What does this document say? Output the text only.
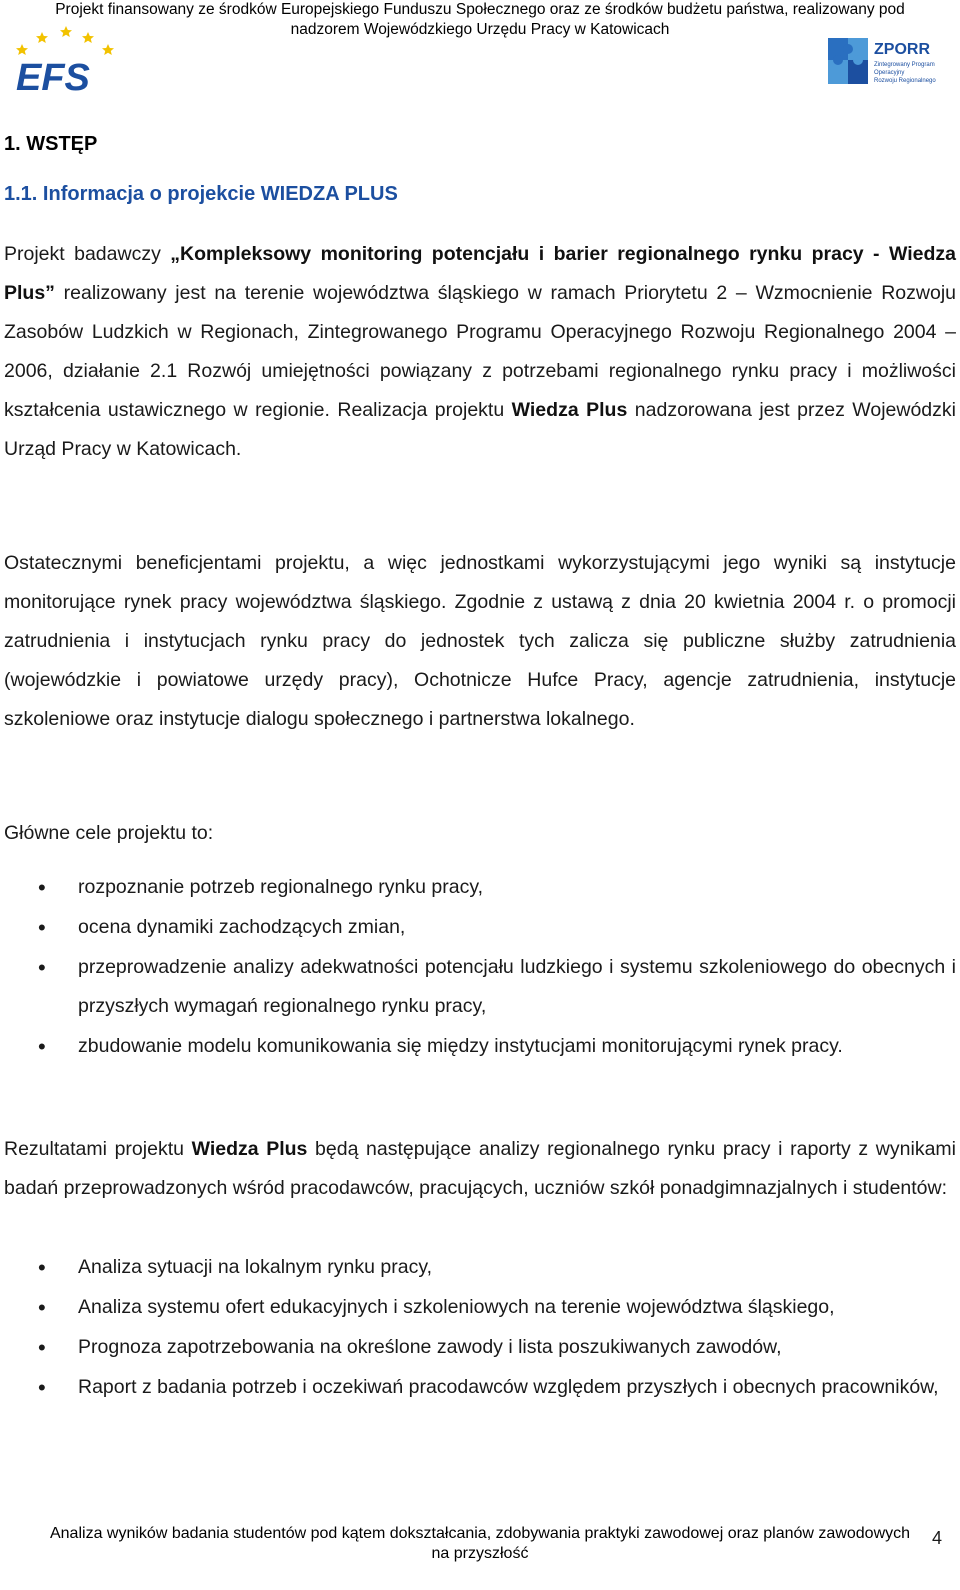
Projekt finansowany ze środków Europejskiego Funduszu Społecznego oraz ze środków budżetu państwa, realizowany pod
nadzorem Wojewódzkiego Urzędu Pracy w Katowicach
EFS
ZPORR
Zintegrowany Program
Operacyjny
Rozwoju Regionalnego
1. WSTĘP
1.1. Informacja o projekcie WIEDZA PLUS
Projekt badawczy „Kompleksowy monitoring potencjału i barier regionalnego rynku pracy - Wiedza Plus” realizowany jest na terenie województwa śląskiego w ramach Priorytetu 2 – Wzmocnienie Rozwoju Zasobów Ludzkich w Regionach, Zintegrowanego Programu Operacyjnego Rozwoju Regionalnego 2004 – 2006, działanie 2.1 Rozwój umiejętności powiązany z potrzebami regionalnego rynku pracy i możliwości kształcenia ustawicznego w regionie. Realizacja projektu Wiedza Plus nadzorowana jest przez Wojewódzki Urząd Pracy w Katowicach.
Ostatecznymi beneficjentami projektu, a więc jednostkami wykorzystującymi jego wyniki są instytucje monitorujące rynek pracy województwa śląskiego. Zgodnie z ustawą z dnia 20 kwietnia 2004 r. o promocji zatrudnienia i instytucjach rynku pracy do jednostek tych zalicza się publiczne służby zatrudnienia (wojewódzkie i powiatowe urzędy pracy), Ochotnicze Hufce Pracy, agencje zatrudnienia, instytucje szkoleniowe oraz instytucje dialogu społecznego i partnerstwa lokalnego.
Główne cele projektu to:
• rozpoznanie potrzeb regionalnego rynku pracy,
• ocena dynamiki zachodzących zmian,
• przeprowadzenie analizy adekwatności potencjału ludzkiego i systemu szkoleniowego do obecnych i przyszłych wymagań regionalnego rynku pracy,
• zbudowanie modelu komunikowania się między instytucjami monitorującymi rynek pracy.
Rezultatami projektu Wiedza Plus będą następujące analizy regionalnego rynku pracy i raporty z wynikami badań przeprowadzonych wśród pracodawców, pracujących, uczniów szkół ponadgimnazjalnych i studentów:
• Analiza sytuacji na lokalnym rynku pracy,
• Analiza systemu ofert edukacyjnych i szkoleniowych na terenie województwa śląskiego,
• Prognoza zapotrzebowania na określone zawody i lista poszukiwanych zawodów,
• Raport z badania potrzeb i oczekiwań pracodawców względem przyszłych i obecnych pracowników,
Analiza wyników badania studentów pod kątem dokształcania, zdobywania praktyki zawodowej oraz planów zawodowych na przyszłość
4
